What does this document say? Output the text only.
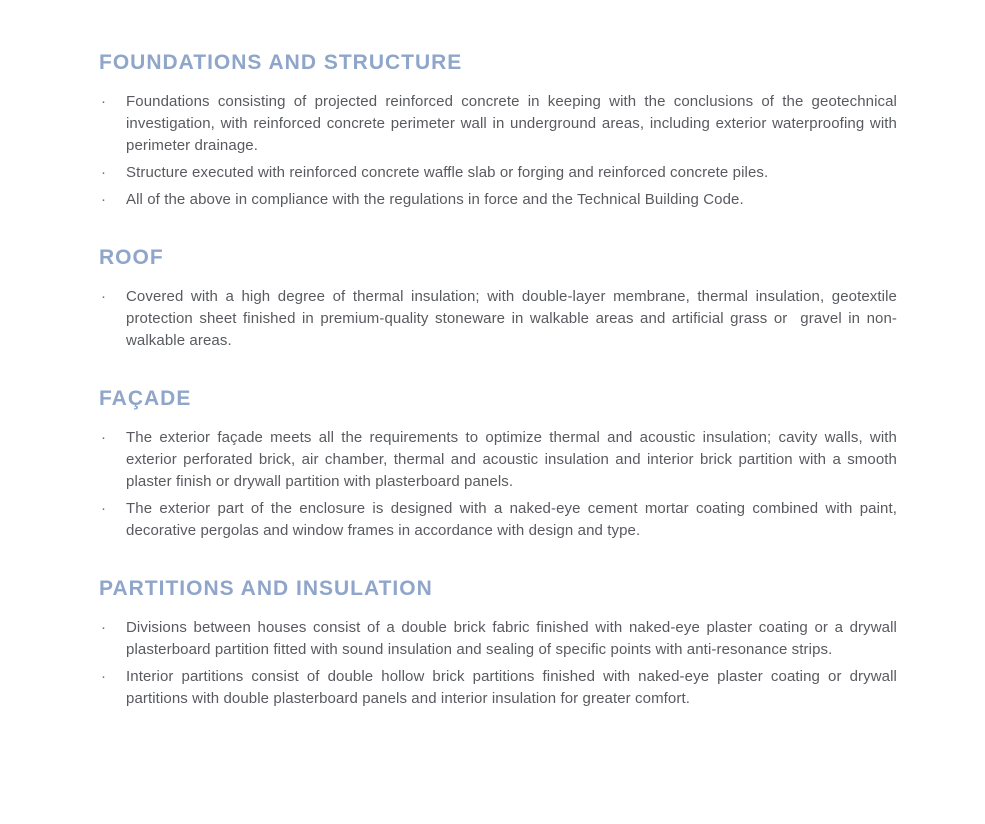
FOUNDATIONS AND STRUCTURE
·	Foundations consisting of projected reinforced concrete in keeping with the conclusions of the geotechnical investigation, with reinforced concrete perimeter wall in underground areas, including exterior waterproofing with perimeter drainage.

·	Structure executed with reinforced concrete waffle slab or forging and reinforced concrete piles.

·	All of the above in compliance with the regulations in force and the Technical Building Code.

ROOF
·	Covered with a high degree of thermal insulation; with double-layer membrane, thermal insulation, geotextile protection sheet finished in premium-quality stoneware in walkable areas and artificial grass or  gravel in non-walkable areas.

FAÇADE
·	The exterior façade meets all the requirements to optimize thermal and acoustic insulation; cavity walls, with exterior perforated brick, air chamber, thermal and acoustic insulation and interior brick partition with a smooth plaster finish or drywall partition with plasterboard panels.

·	The exterior part of the enclosure is designed with a naked-eye cement mortar coating combined with paint, decorative pergolas and window frames in accordance with design and type.

PARTITIONS AND INSULATION
·	Divisions between houses consist of a double brick fabric finished with naked-eye plaster coating or a drywall plasterboard partition fitted with sound insulation and sealing of specific points with anti-resonance strips.

·	Interior partitions consist of double hollow brick partitions finished with naked-eye plaster coating or drywall partitions with double plasterboard panels and interior insulation for greater comfort.
